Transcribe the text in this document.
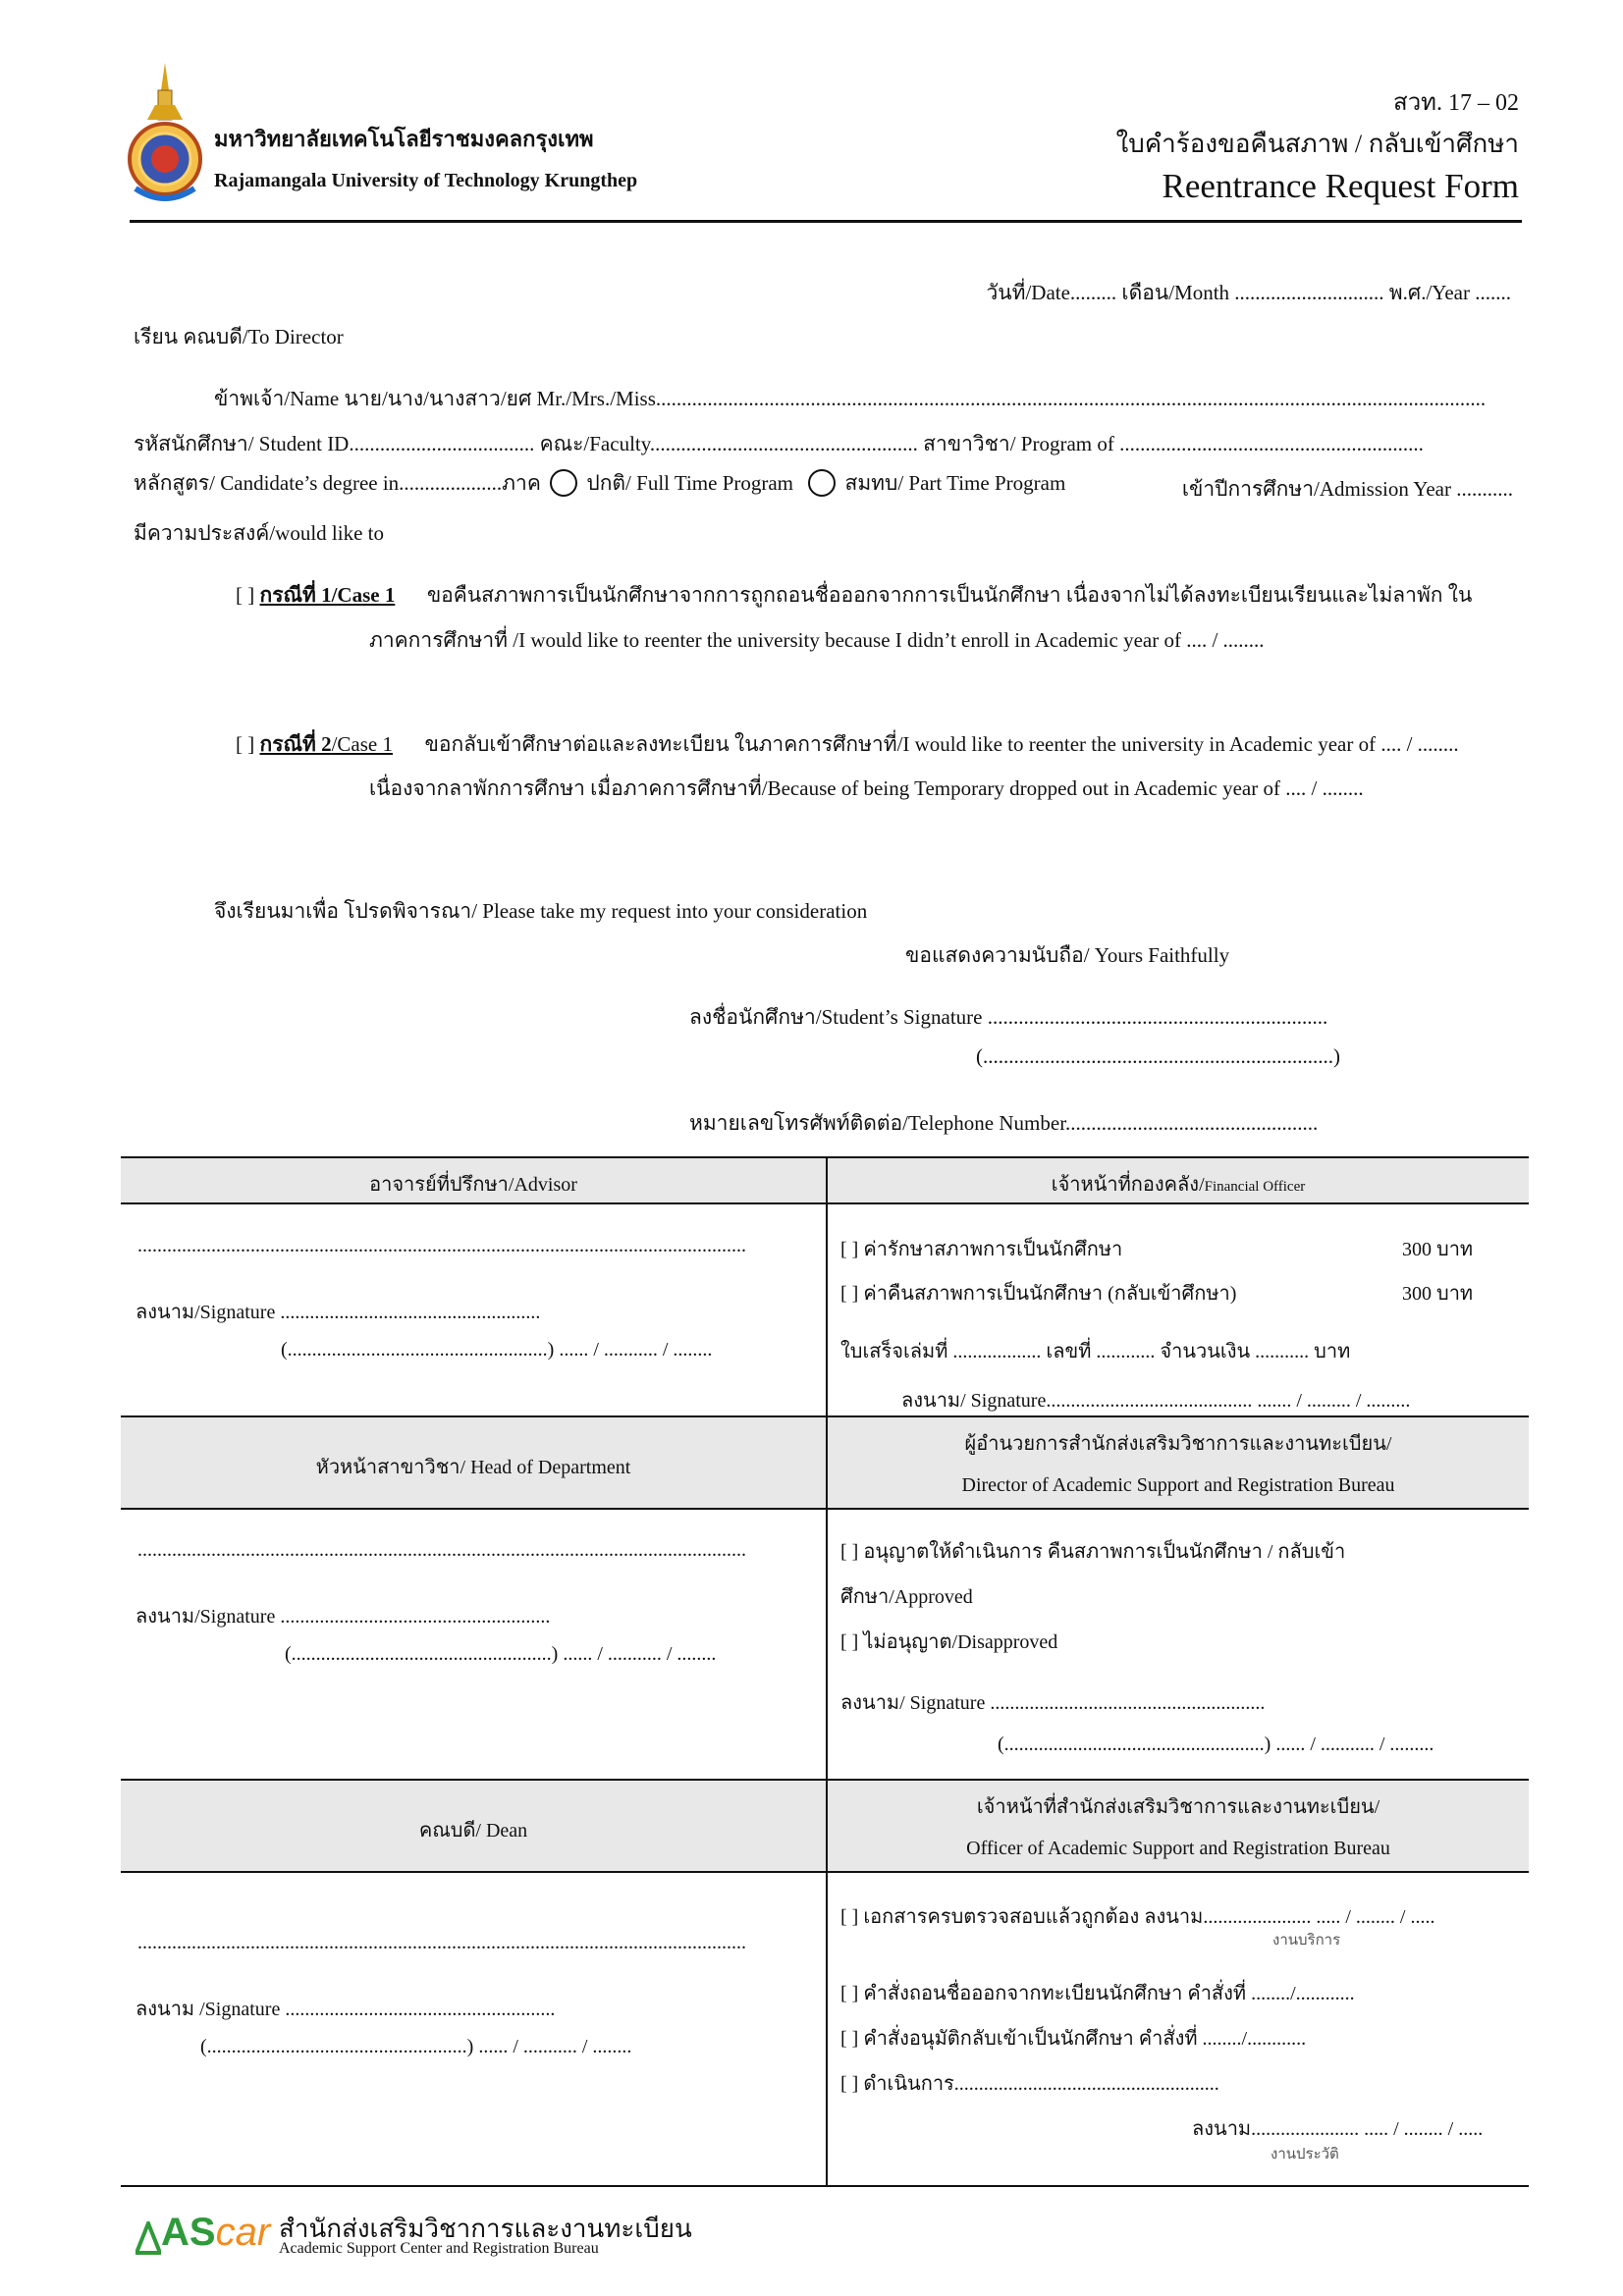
มหาวิทยาลัยเทคโนโลยีราชมงคลกรุงเทพ
Rajamangala University of Technology Krungthep
สวท. 17 – 02
ใบคำร้องขอคืนสภาพ / กลับเข้าศึกษา
Reentrance Request Form
วันที่/Date......... เดือน/Month ............................. พ.ศ./Year .......
เรียน คณบดี/To Director
ข้าพเจ้า/Name นาย/นาง/นางสาว/ยศ Mr./Mrs./Miss.................................................................................................................................................................
รหัสนักศึกษา/ Student ID.................................... คณะ/Faculty.................................................... สาขาวิชา/ Program of ...........................................................
หลักสูตร/ Candidate’s degree in....................ภาค ปกติ/ Full Time Program	สมทบ/ Part Time Program	เข้าปีการศึกษา/Admission Year ...........
มีความประสงค์/would like to
[ ] กรณีที่ 1/Case 1 ขอคืนสภาพการเป็นนักศึกษาจากการถูกถอนชื่อออกจากการเป็นนักศึกษา เนื่องจากไม่ได้ลงทะเบียนเรียนและไม่ลาพัก ใน
ภาคการศึกษาที่ /I would like to reenter the university because I didn’t enroll in Academic year of .... / ........
[ ] กรณีที่ 2/Case 1 ขอกลับเข้าศึกษาต่อและลงทะเบียน ในภาคการศึกษาที่/I would like to reenter the university in Academic year of .... / ........
เนื่องจากลาพักการศึกษา เมื่อภาคการศึกษาที่/Because of being Temporary dropped out in Academic year of .... / ........
จึงเรียนมาเพื่อ โปรดพิจารณา/ Please take my request into your consideration
ขอแสดงความนับถือ/ Yours Faithfully
ลงชื่อนักศึกษา/Student’s Signature ..................................................................
(....................................................................)
หมายเลขโทรศัพท์ติดต่อ/Telephone Number.................................................
อาจารย์ที่ปรึกษา/Advisor	เจ้าหน้าที่กองคลัง/Financial Officer
............................................................................................................................
ลงนาม/Signature .....................................................
(.....................................................) ...... / ........... / ........
[ ] ค่ารักษาสภาพการเป็นนักศึกษา	300 บาท
[ ] ค่าคืนสภาพการเป็นนักศึกษา (กลับเข้าศึกษา)	300 บาท
ใบเสร็จเล่มที่ .................. เลขที่ ............ จำนวนเงิน ........... บาท
ลงนาม/ Signature.......................................... ....... / ......... / .........
หัวหน้าสาขาวิชา/ Head of Department
ผู้อำนวยการสำนักส่งเสริมวิชาการและงานทะเบียน/
Director of Academic Support and Registration Bureau
............................................................................................................................
ลงนาม/Signature .......................................................
(.....................................................) ...... / ........... / ........
[ ] อนุญาตให้ดำเนินการ คืนสภาพการเป็นนักศึกษา / กลับเข้า
ศึกษา/Approved
[ ] ไม่อนุญาต/Disapproved
ลงนาม/ Signature ........................................................
(.....................................................) ...... / ........... / .........
คณบดี/ Dean
เจ้าหน้าที่สำนักส่งเสริมวิชาการและงานทะเบียน/
Officer of Academic Support and Registration Bureau
............................................................................................................................
ลงนาม /Signature .......................................................
(.....................................................) ...... / ........... / ........
[ ] เอกสารครบตรวจสอบแล้วถูกต้อง ลงนาม...................... ..... / ........ / .....
งานบริการ
[ ] คำสั่งถอนชื่อออกจากทะเบียนนักศึกษา คำสั่งที่ ......../............
[ ] คำสั่งอนุมัติกลับเข้าเป็นนักศึกษา คำสั่งที่ ......../............
[ ] ดำเนินการ......................................................
ลงนาม...................... ..... / ........ / .....
งานประวัติ
AScar สำนักส่งเสริมวิชาการและงานทะเบียน
Academic Support Center and Registration Bureau
